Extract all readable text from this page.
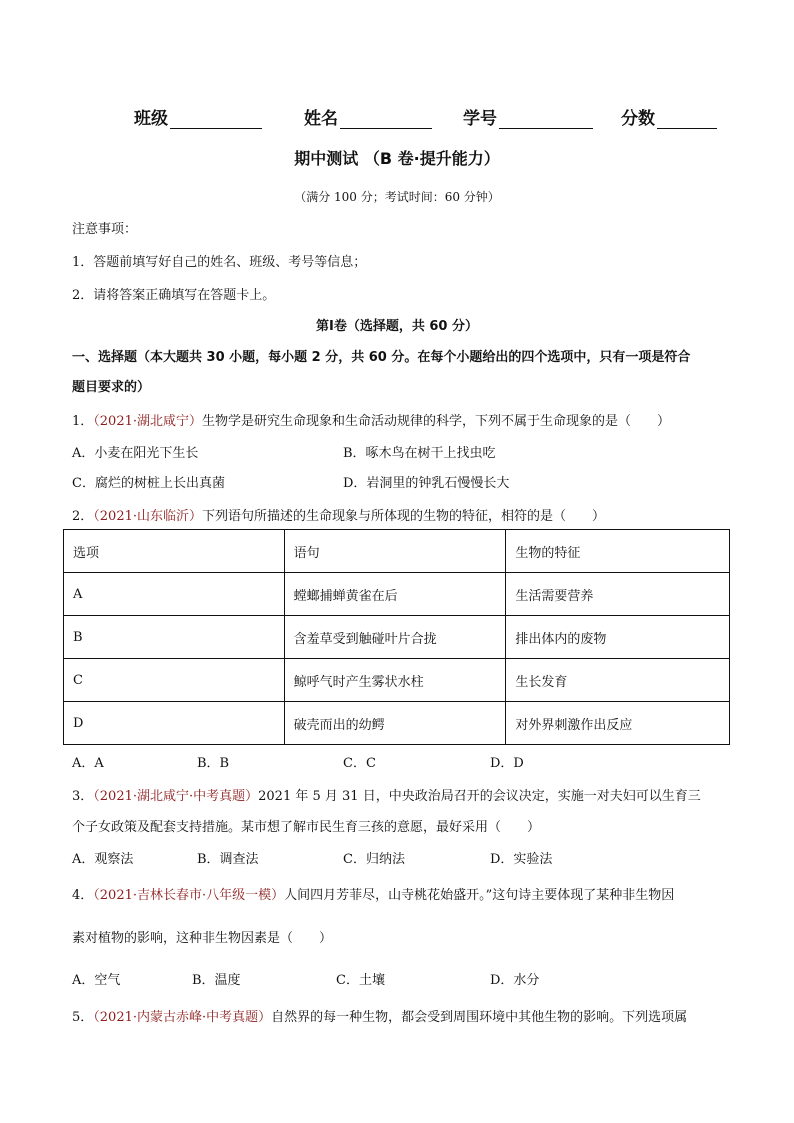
班级	姓名	学号	分数
期中测试 （B 卷·提升能力）
（满分 100 分；考试时间：60 分钟）
注意事项：
1．答题前填写好自己的姓名、班级、考号等信息；
2．请将答案正确填写在答题卡上。
第Ⅰ卷（选择题，共 60 分）
一、选择题（本大题共 30 小题，每小题 2 分，共 60 分。在每个小题给出的四个选项中，只有一项是符合
题目要求的）
1．（2021·湖北咸宁）生物学是研究生命现象和生命活动规律的科学，下列不属于生命现象的是（　　）
A．小麦在阳光下生长	B．啄木鸟在树干上找虫吃
C．腐烂的树桩上长出真菌	D．岩洞里的钟乳石慢慢长大
2．（2021·山东临沂）下列语句所描述的生命现象与所体现的生物的特征，相符的是（　　）
选项	语句	生物的特征
A	螳螂捕蝉黄雀在后	生活需要营养
B	含羞草受到触碰叶片合拢	排出体内的废物
C	鲸呼气时产生雾状水柱	生长发育
D	破壳而出的幼鳄	对外界刺激作出反应
A．A	B．B	C．C	D．D
3．（2021·湖北咸宁·中考真题）2021 年 5 月 31 日，中央政治局召开的会议决定，实施一对夫妇可以生育三
个子女政策及配套支持措施。某市想了解市民生育三孩的意愿，最好采用（　　）
A．观察法	B．调查法	C．归纳法	D．实验法
4．（2021·吉林长春市·八年级一模）人间四月芳菲尽，山寺桃花始盛开。”这句诗主要体现了某种非生物因
素对植物的影响，这种非生物因素是（　　）
A．空气	B．温度	C．土壤	D．水分
5．（2021·内蒙古赤峰·中考真题）自然界的每一种生物，都会受到周围环境中其他生物的影响。下列选项属
